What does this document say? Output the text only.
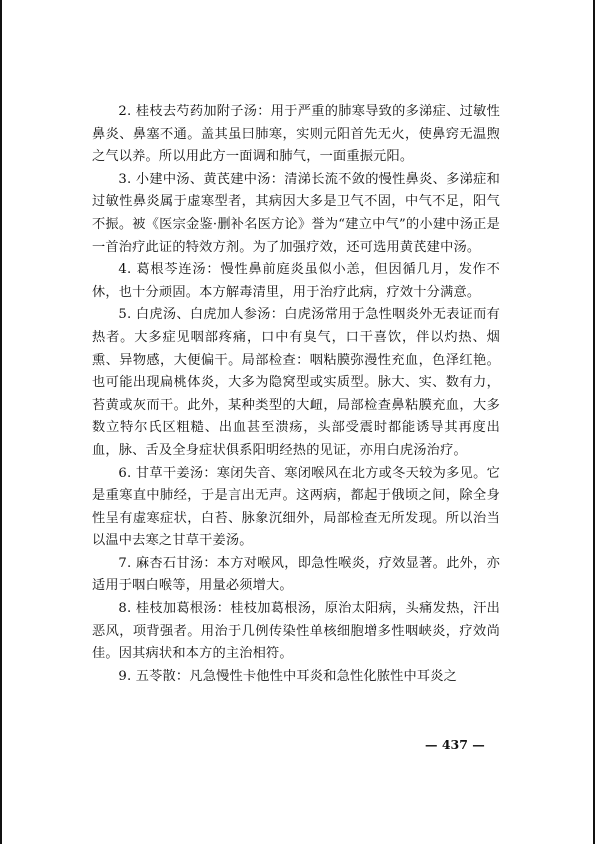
2. 桂枝去芍药加附子汤：用于严重的肺寒导致的多涕症、过敏性鼻炎、鼻塞不通。盖其虽曰肺寒，实则元阳首先无火，使鼻窍无温煦之气以养。所以用此方一面调和肺气，一面重振元阳。

3. 小建中汤、黄芪建中汤：清涕长流不敛的慢性鼻炎、多涕症和过敏性鼻炎属于虚寒型者，其病因大多是卫气不固，中气不足，阳气不振。被《医宗金鉴·删补名医方论》誉为“建立中气”的小建中汤正是一首治疗此证的特效方剂。为了加强疗效，还可选用黄芪建中汤。

4. 葛根芩连汤：慢性鼻前庭炎虽似小恙，但因循几月，发作不休，也十分顽固。本方解毒清里，用于治疗此病，疗效十分满意。

5. 白虎汤、白虎加人参汤：白虎汤常用于急性咽炎外无表证而有热者。大多症见咽部疼痛，口中有臭气，口干喜饮，伴以灼热、烟熏、异物感，大便偏干。局部检查：咽粘膜弥漫性充血，色泽红艳。也可能出现扁桃体炎，大多为隐窝型或实质型。脉大、实、数有力，苔黄或灰而干。此外，某种类型的大衄，局部检查鼻粘膜充血，大多数立特尔氏区粗糙、出血甚至溃疡，头部受震时都能诱导其再度出血，脉、舌及全身症状俱系阳明经热的见证，亦用白虎汤治疗。

6. 甘草干姜汤：寒闭失音、寒闭喉风在北方或冬天较为多见。它是重寒直中肺经，于是言出无声。这两病，都起于俄顷之间，除全身性呈有虚寒症状，白苔、脉象沉细外，局部检查无所发现。所以治当以温中去寒之甘草干姜汤。

7. 麻杏石甘汤：本方对喉风，即急性喉炎，疗效显著。此外，亦适用于咽白喉等，用量必须增大。

8. 桂枝加葛根汤：桂枝加葛根汤，原治太阳病，头痛发热，汗出恶风，项背强者。用治于几例传染性单核细胞增多性咽峡炎，疗效尚佳。因其病状和本方的主治相符。

9. 五苓散：凡急慢性卡他性中耳炎和急性化脓性中耳炎之

— 437 —
